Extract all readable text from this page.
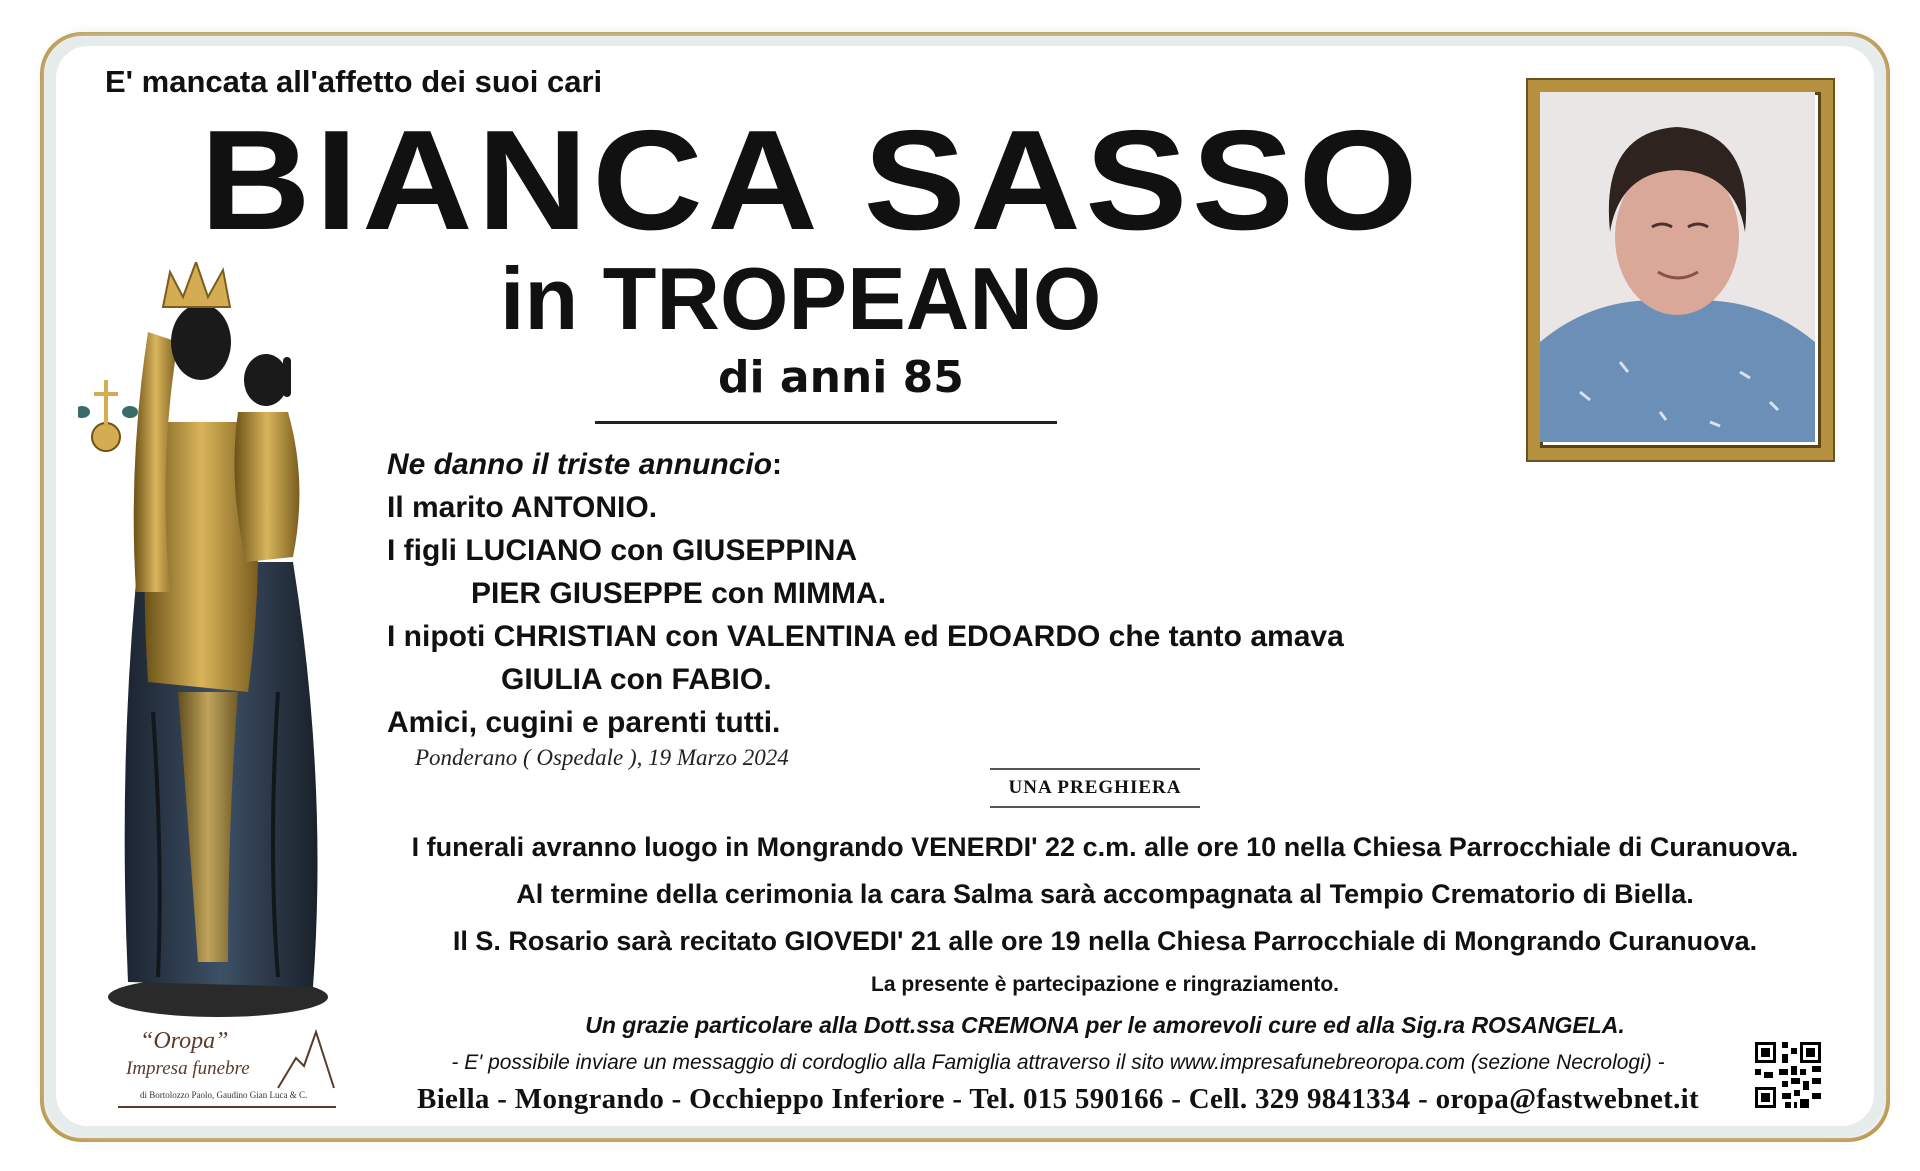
E' mancata all'affetto dei suoi cari
BIANCA SASSO
in TROPEANO
di anni 85
Ne danno il triste annuncio:
Il marito ANTONIO.
I figli LUCIANO con GIUSEPPINA
PIER GIUSEPPE con MIMMA.
I nipoti CHRISTIAN con VALENTINA ed EDOARDO che tanto amava
GIULIA con FABIO.
Amici, cugini e parenti tutti.
Ponderano ( Ospedale ), 19 Marzo 2024
UNA PREGHIERA
I funerali avranno luogo in Mongrando VENERDI' 22 c.m. alle ore 10 nella Chiesa Parrocchiale di Curanuova.
Al termine della cerimonia la cara Salma sarà accompagnata al Tempio Crematorio di Biella.
Il S. Rosario sarà recitato GIOVEDI' 21 alle ore 19 nella Chiesa Parrocchiale di Mongrando Curanuova.
La presente è partecipazione e ringraziamento.
Un grazie particolare alla Dott.ssa CREMONA per le amorevoli cure ed alla Sig.ra ROSANGELA.
- E' possibile inviare un messaggio di cordoglio alla Famiglia attraverso il sito www.impresafunebreoropa.com (sezione Necrologi) -
Biella - Mongrando - Occhieppo Inferiore - Tel. 015 590166 - Cell. 329 9841334 - oropa@fastwebnet.it
“Oropa”
Impresa funebre
di Bortolozzo Paolo, Gaudino Gian Luca & C.
